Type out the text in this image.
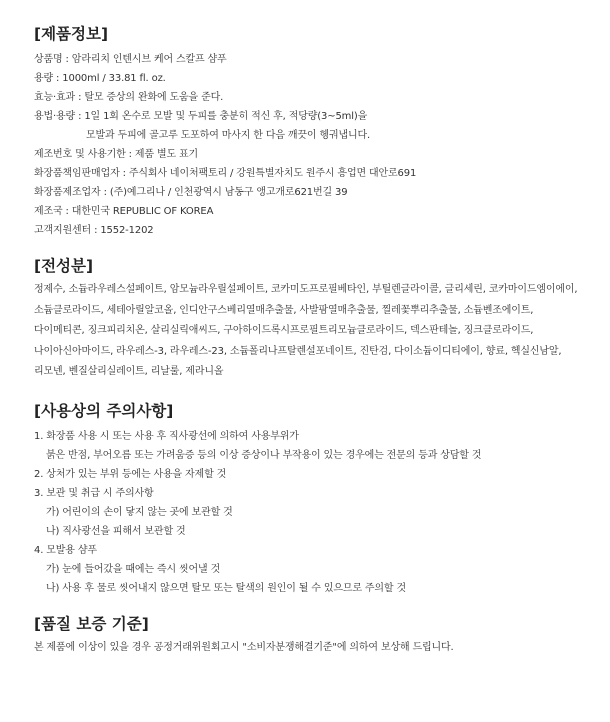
[제품정보]
상품명 : 암라리치 인텐시브 케어 스칼프 샴푸
용량 : 1000ml / 33.81 fl. oz.
효능·효과 : 탈모 증상의 완화에 도움을 준다.
용법·용량 : 1일 1회 온수로 모발 및 두피를 충분히 적신 후, 적당량(3~5ml)을
모발과 두피에 골고루 도포하여 마사지 한 다음 깨끗이 헹궈냅니다.
제조번호 및 사용기한 : 제품 별도 표기
화장품책임판매업자 : 주식회사 네이처팩토리 / 강원특별자치도 원주시 흥업면 대안로691
화장품제조업자 : (주)예그리나 / 인천광역시 남동구 앵고개로621번길 39
제조국 : 대한민국 REPUBLIC OF KOREA
고객지원센터 : 1552-1202
[전성분]
정제수, 소듐라우레스설페이트, 암모늄라우릴설페이트, 코카미도프로필베타인, 부틸렌글라이콜, 글리세린, 코카마이드엠이에이,
소듐클로라이드, 세테아릴알코올, 인디안구스베리열매추출물, 사발팜열매추출물, 찔레꽃뿌리추출물, 소듐벤조에이트,
다이메티콘, 징크피리치온, 살리실릭애씨드, 구아하이드록시프로필트리모늄클로라이드, 덱스판테놀, 징크클로라이드,
나이아신아마이드, 라우레스-3, 라우레스-23, 소듐폴리나프탈렌설포네이트, 진탄검, 다이소듐이디티에이, 향료, 헥실신남알,
리모넨, 벤질살리실레이트, 리날룰, 제라니올
[사용상의 주의사항]
1. 화장품 사용 시 또는 사용 후 직사광선에 의하여 사용부위가
붉은 반점, 부어오름 또는 가려움증 등의 이상 증상이나 부작용이 있는 경우에는 전문의 등과 상담할 것
2. 상처가 있는 부위 등에는 사용을 자제할 것
3. 보관 및 취급 시 주의사항
가) 어린이의 손이 닿지 않는 곳에 보관할 것
나) 직사광선을 피해서 보관할 것
4. 모발용 샴푸
가) 눈에 들어갔을 때에는 즉시 씻어낼 것
나) 사용 후 물로 씻어내지 않으면 탈모 또는 탈색의 원인이 될 수 있으므로 주의할 것
[품질 보증 기준]
본 제품에 이상이 있을 경우 공정거래위원회고시 "소비자분쟁해결기준"에 의하여 보상해 드립니다.
